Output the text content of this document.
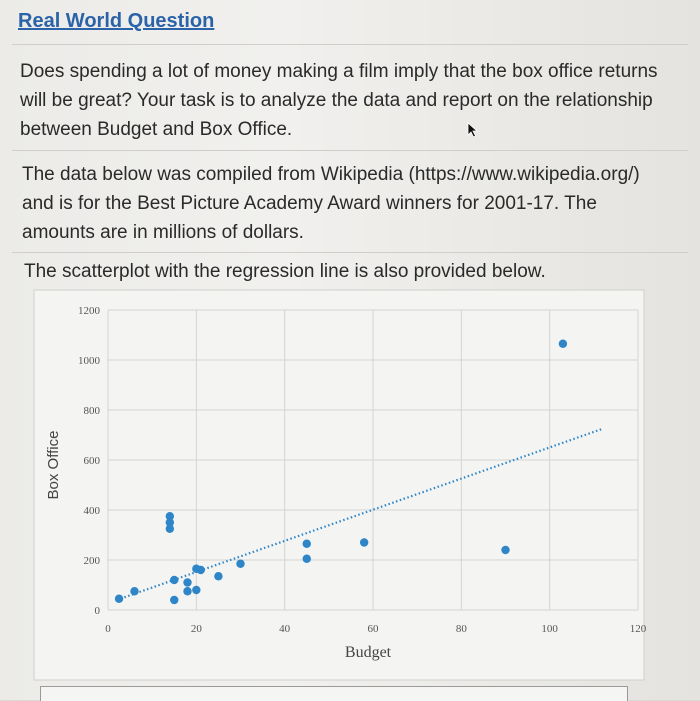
Real World Question
Does spending a lot of money making a film imply that the box office returns will be great? Your task is to analyze the data and report on the relationship between Budget and Box Office.
The data below was compiled from Wikipedia (https://www.wikipedia.org/) and is for the Best Picture Academy Award winners for 2001-17. The amounts are in millions of dollars.
The scatterplot with the regression line is also provided below.
0
200
400
600
800
1000
1200
0	20	40	60	80	100	120
Box Office
Budget
